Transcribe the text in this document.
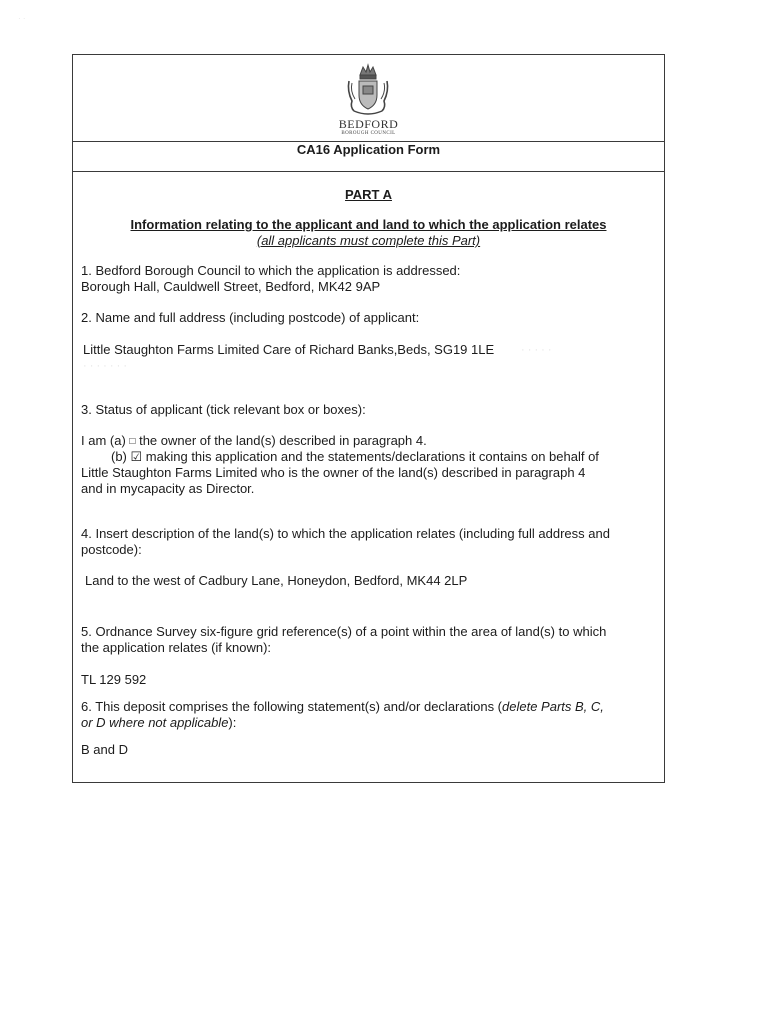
· ·
BEDFORD
BOROUGH COUNCIL
CA16 Application Form
PART A
Information relating to the applicant and land to which the application relates
(all applicants must complete this Part)
1. Bedford Borough Council to which the application is addressed:
Borough Hall, Cauldwell Street, Bedford, MK42 9AP
2. Name and full address (including postcode) of applicant:
Little Staughton Farms Limited Care of Richard Banks,Beds, SG19 1LE · · · · ·
· · · · · · ·
3. Status of applicant (tick relevant box or boxes):
I am (a) □ the owner of the land(s) described in paragraph 4.
(b) ☑ making this application and the statements/declarations it contains on behalf of
Little Staughton Farms Limited who is the owner of the land(s) described in paragraph 4
and in mycapacity as Director.
4. Insert description of the land(s) to which the application relates (including full address and
postcode):
Land to the west of Cadbury Lane, Honeydon, Bedford, MK44 2LP
5. Ordnance Survey six-figure grid reference(s) of a point within the area of land(s) to which
the application relates (if known):
TL 129 592
6. This deposit comprises the following statement(s) and/or declarations (delete Parts B, C,
or D where not applicable):
B and D
